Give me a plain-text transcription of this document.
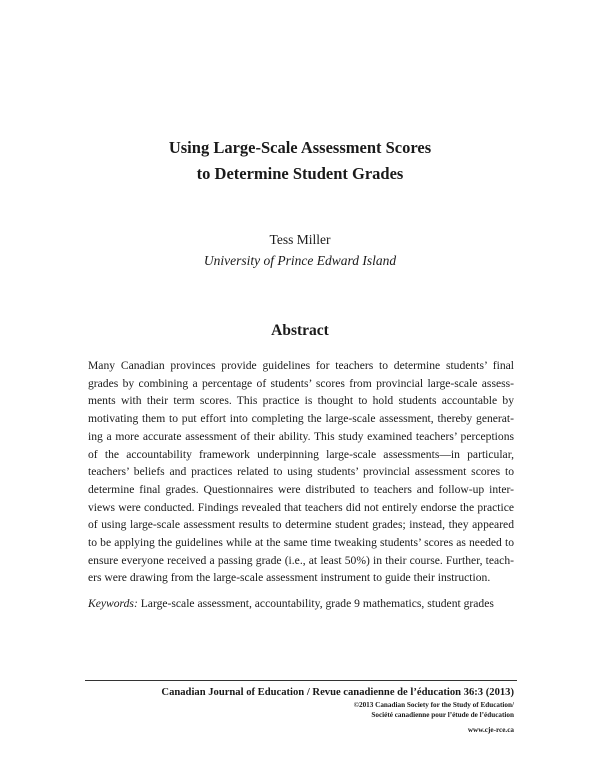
Using Large-Scale Assessment Scores
to Determine Student Grades
Tess Miller
University of Prince Edward Island
Abstract
Many Canadian provinces provide guidelines for teachers to determine students’ final
grades by combining a percentage of students’ scores from provincial large-scale assess-
ments with their term scores. This practice is thought to hold students accountable by
motivating them to put effort into completing the large-scale assessment, thereby generat-
ing a more accurate assessment of their ability. This study examined teachers’ perceptions
of the accountability framework underpinning large-scale assessments—in particular,
teachers’ beliefs and practices related to using students’ provincial assessment scores to
determine final grades. Questionnaires were distributed to teachers and follow-up inter-
views were conducted. Findings revealed that teachers did not entirely endorse the practice
of using large-scale assessment results to determine student grades; instead, they appeared
to be applying the guidelines while at the same time tweaking students’ scores as needed to
ensure everyone received a passing grade (i.e., at least 50%) in their course. Further, teach-
ers were drawing from the large-scale assessment instrument to guide their instruction.
Keywords: Large-scale assessment, accountability, grade 9 mathematics, student grades
Canadian Journal of Education / Revue canadienne de l’éducation 36:3 (2013)
©2013 Canadian Society for the Study of Education/
Société canadienne pour l’étude de l’éducation
www.cje-rce.ca
